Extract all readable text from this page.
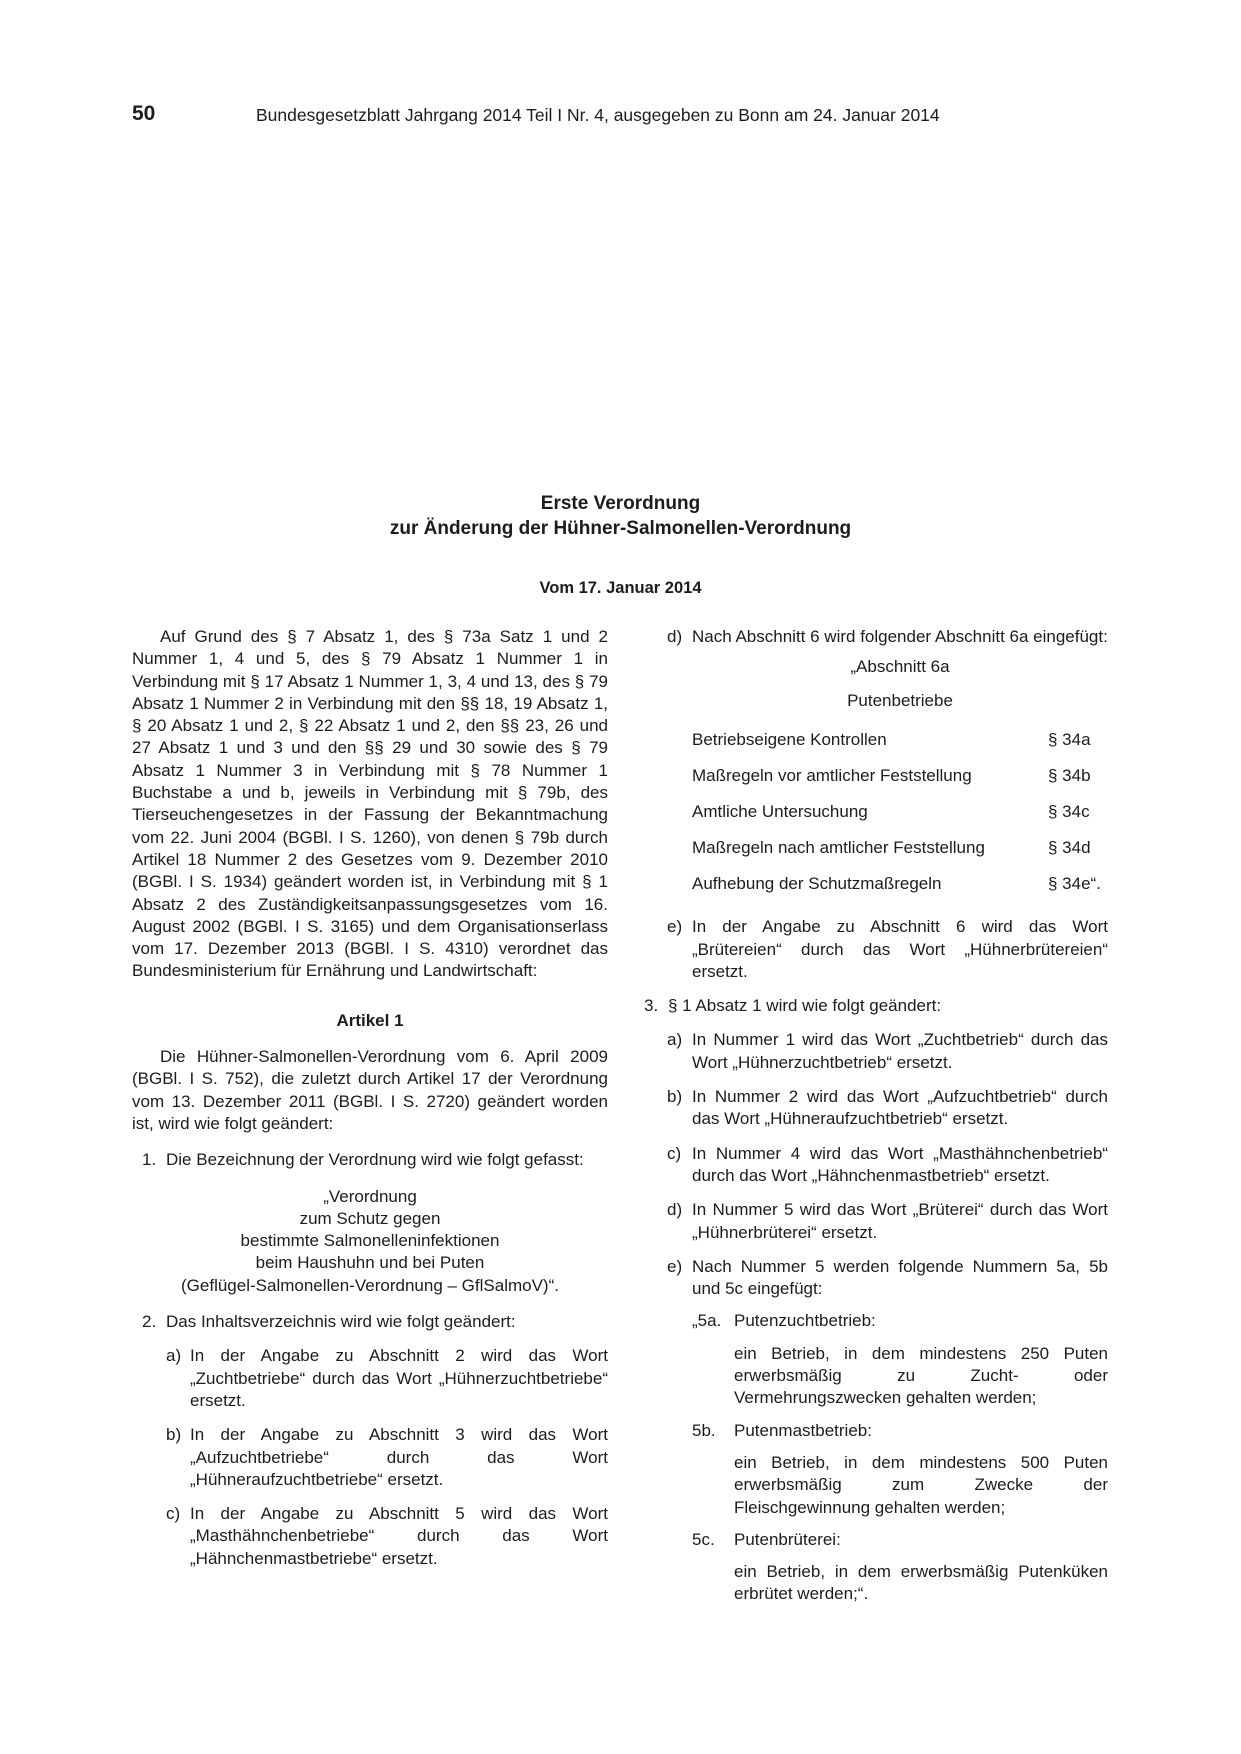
50	Bundesgesetzblatt Jahrgang 2014 Teil I Nr. 4, ausgegeben zu Bonn am 24. Januar 2014
Erste Verordnung
zur Änderung der Hühner-Salmonellen-Verordnung
Vom 17. Januar 2014
Auf Grund des § 7 Absatz 1, des § 73a Satz 1 und 2 Nummer 1, 4 und 5, des § 79 Absatz 1 Nummer 1 in Verbindung mit § 17 Absatz 1 Nummer 1, 3, 4 und 13, des § 79 Absatz 1 Nummer 2 in Verbindung mit den §§ 18, 19 Absatz 1, § 20 Absatz 1 und 2, § 22 Absatz 1 und 2, den §§ 23, 26 und 27 Absatz 1 und 3 und den §§ 29 und 30 sowie des § 79 Absatz 1 Nummer 3 in Verbindung mit § 78 Nummer 1 Buchstabe a und b, jeweils in Verbindung mit § 79b, des Tierseuchengesetzes in der Fassung der Bekanntmachung vom 22. Juni 2004 (BGBl. I S. 1260), von denen § 79b durch Artikel 18 Nummer 2 des Gesetzes vom 9. Dezember 2010 (BGBl. I S. 1934) geändert worden ist, in Verbindung mit § 1 Absatz 2 des Zuständigkeitsanpassungsgesetzes vom 16. August 2002 (BGBl. I S. 3165) und dem Organisationserlass vom 17. Dezember 2013 (BGBl. I S. 4310) verordnet das Bundesministerium für Ernährung und Landwirtschaft:
Artikel 1
Die Hühner-Salmonellen-Verordnung vom 6. April 2009 (BGBl. I S. 752), die zuletzt durch Artikel 17 der Verordnung vom 13. Dezember 2011 (BGBl. I S. 2720) geändert worden ist, wird wie folgt geändert:
1. Die Bezeichnung der Verordnung wird wie folgt gefasst:
„Verordnung
zum Schutz gegen
bestimmte Salmonelleninfektionen
beim Haushuhn und bei Puten
(Geflügel-Salmonellen-Verordnung – GflSalmoV)“.
2. Das Inhaltsverzeichnis wird wie folgt geändert:
a) In der Angabe zu Abschnitt 2 wird das Wort „Zuchtbetriebe“ durch das Wort „Hühnerzuchtbetriebe“ ersetzt.
b) In der Angabe zu Abschnitt 3 wird das Wort „Aufzuchtbetriebe“ durch das Wort „Hühneraufzuchtbetriebe“ ersetzt.
c) In der Angabe zu Abschnitt 5 wird das Wort „Masthähnchenbetriebe“ durch das Wort „Hähnchenmastbetriebe“ ersetzt.
d) Nach Abschnitt 6 wird folgender Abschnitt 6a eingefügt:
„Abschnitt 6a
Putenbetriebe
Betriebseigene Kontrollen	§ 34a
Maßregeln vor amtlicher Feststellung	§ 34b
Amtliche Untersuchung	§ 34c
Maßregeln nach amtlicher Feststellung	§ 34d
Aufhebung der Schutzmaßregeln	§ 34e“.
e) In der Angabe zu Abschnitt 6 wird das Wort „Brütereien“ durch das Wort „Hühnerbrütereien“ ersetzt.
3. § 1 Absatz 1 wird wie folgt geändert:
a) In Nummer 1 wird das Wort „Zuchtbetrieb“ durch das Wort „Hühnerzuchtbetrieb“ ersetzt.
b) In Nummer 2 wird das Wort „Aufzuchtbetrieb“ durch das Wort „Hühneraufzuchtbetrieb“ ersetzt.
c) In Nummer 4 wird das Wort „Masthähnchenbetrieb“ durch das Wort „Hähnchenmastbetrieb“ ersetzt.
d) In Nummer 5 wird das Wort „Brüterei“ durch das Wort „Hühnerbrüterei“ ersetzt.
e) Nach Nummer 5 werden folgende Nummern 5a, 5b und 5c eingefügt:
„5a. Putenzuchtbetrieb:
ein Betrieb, in dem mindestens 250 Puten erwerbsmäßig zu Zucht- oder Vermehrungszwecken gehalten werden;
5b. Putenmastbetrieb:
ein Betrieb, in dem mindestens 500 Puten erwerbsmäßig zum Zwecke der Fleischgewinnung gehalten werden;
5c. Putenbrüterei:
ein Betrieb, in dem erwerbsmäßig Putenküken erbrütet werden;“.
